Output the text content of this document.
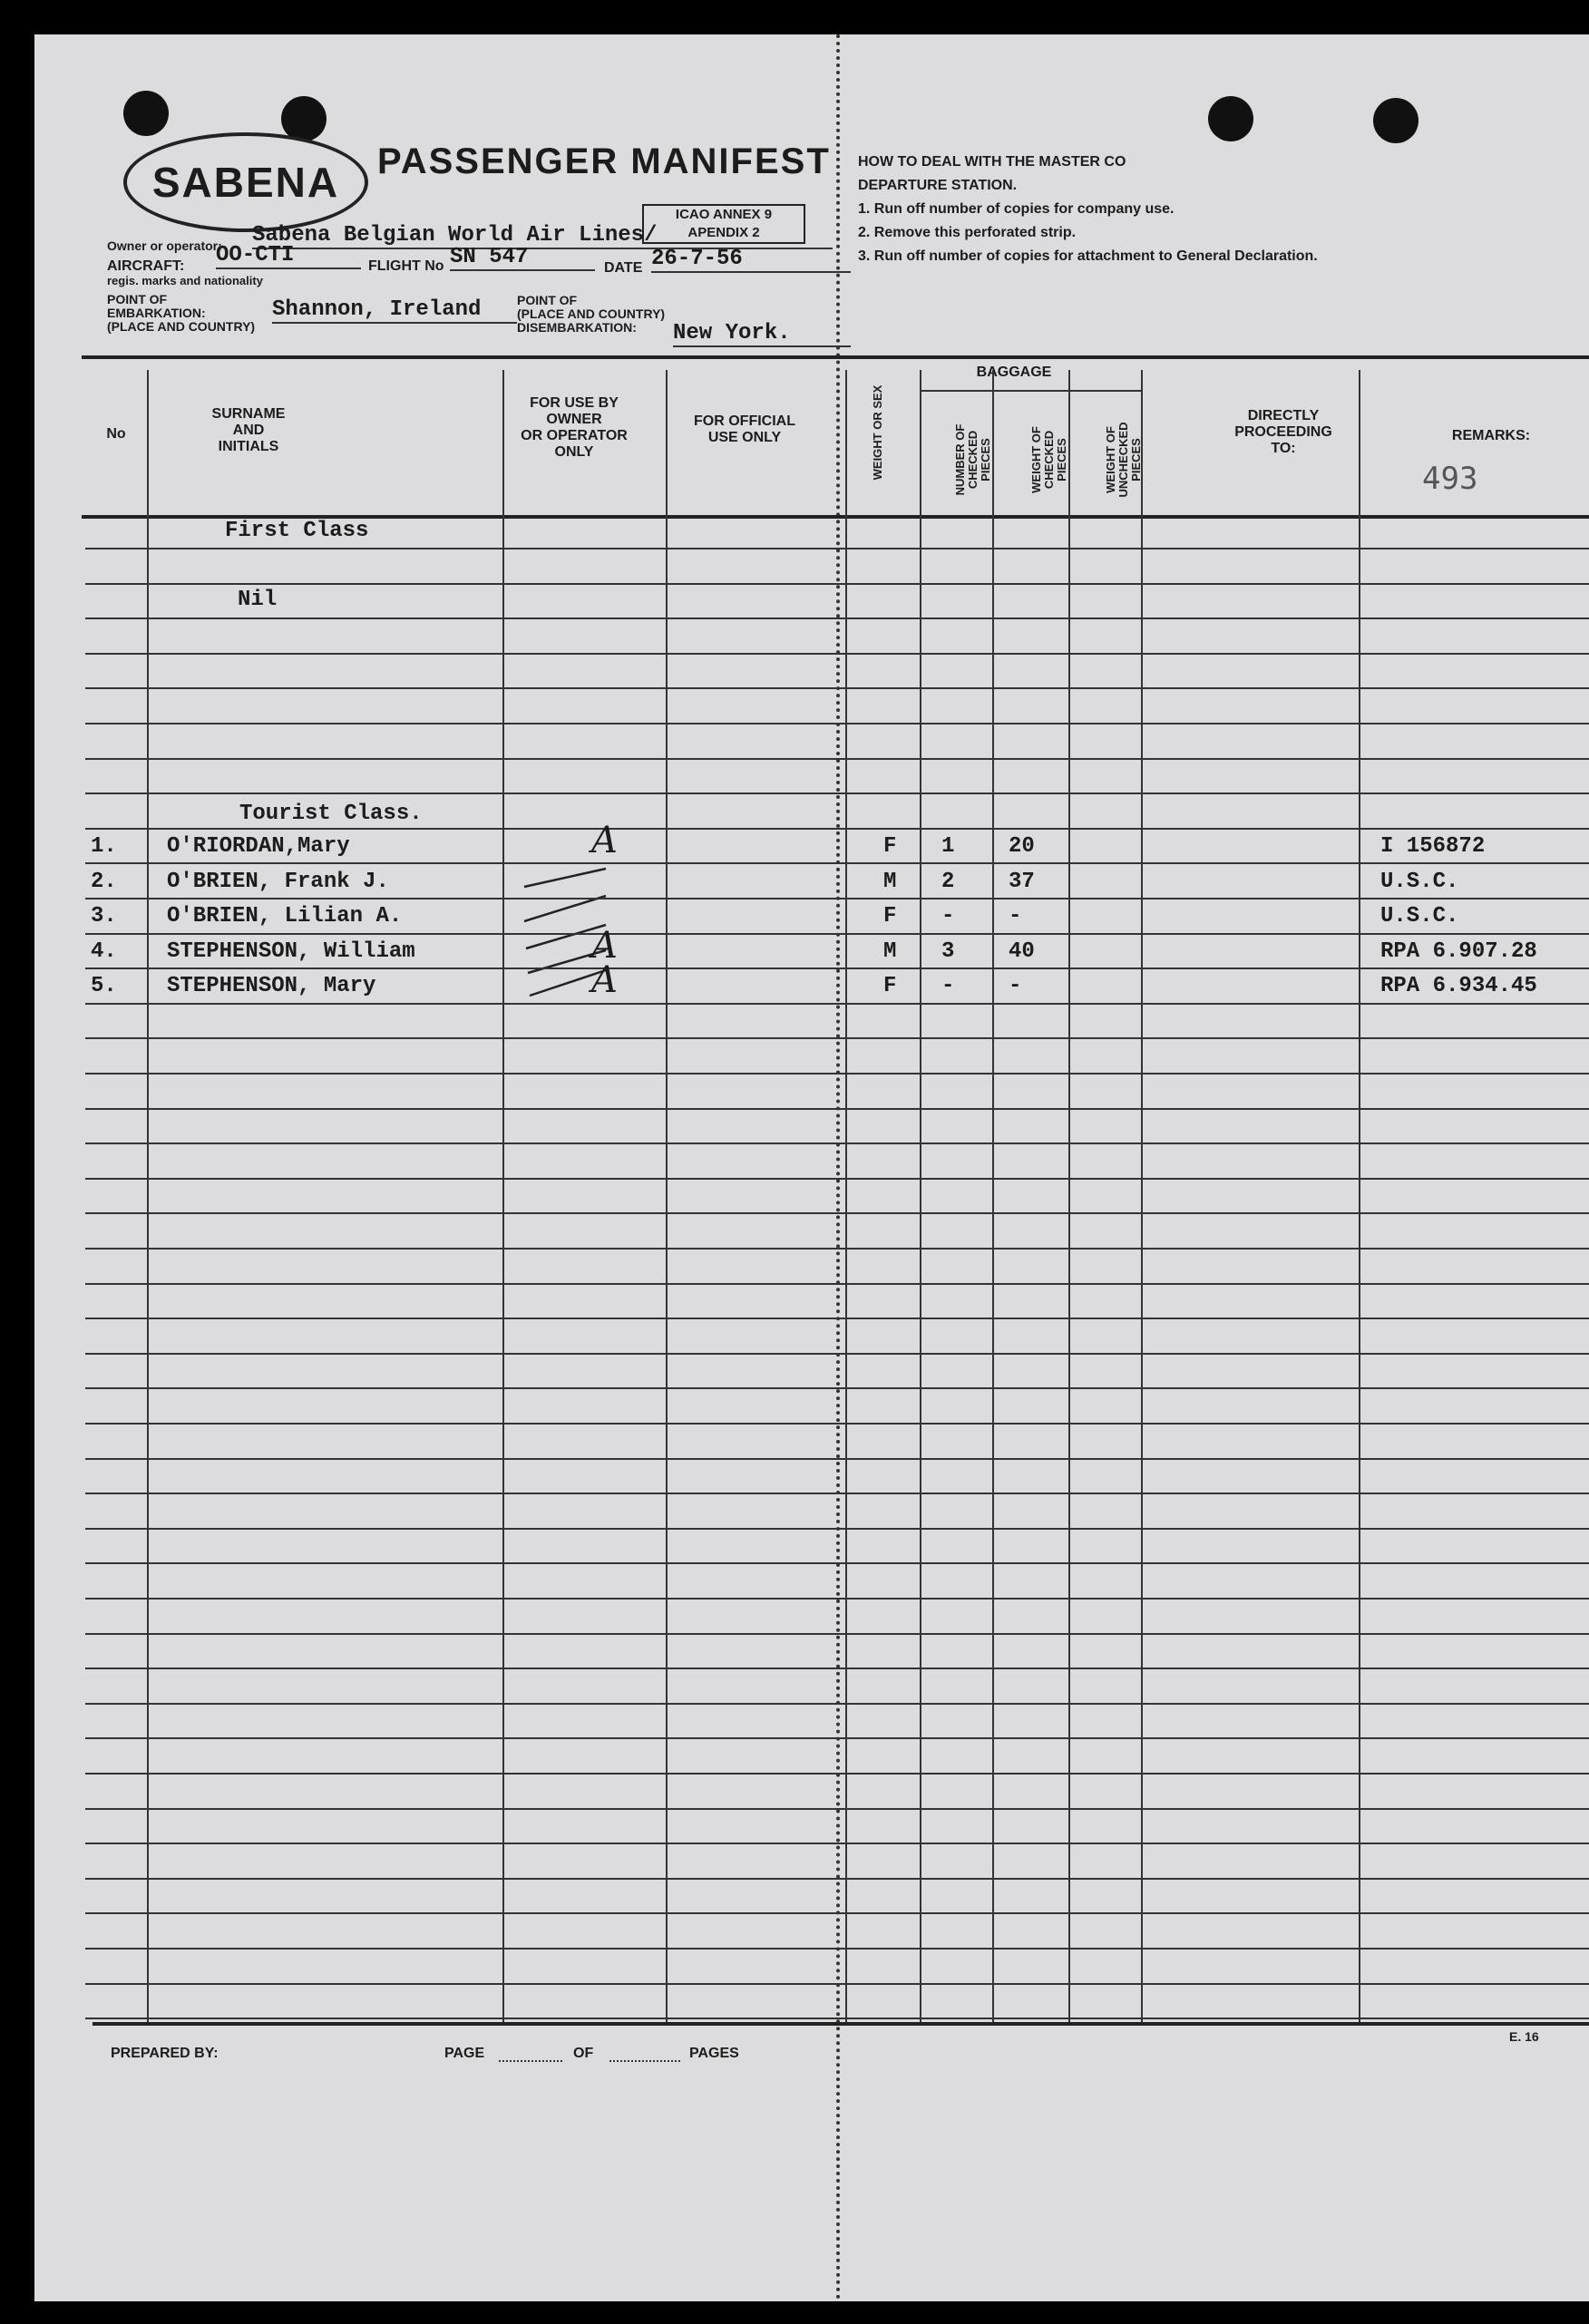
SABENA PASSENGER MANIFEST
ICAO ANNEX 9
APENDIX 2
Owner or operator: Sabena Belgian World Air Lines/
AIRCRAFT:
regis. marks and nationality
OO-CTI	FLIGHT No SN 547	DATE 26-7-56
POINT OF
EMBARKATION:
(PLACE AND COUNTRY)
Shannon, Ireland	POINT OF
(PLACE AND COUNTRY)
DISEMBARKATION:	New York.
HOW TO DEAL WITH THE MASTER CO
DEPARTURE STATION.
1. Run off number of copies for company use.
2. Remove this perforated strip.
3. Run off number of copies for attachment to General Declaration.
No
SURNAME
AND
INITIALS
FOR USE BY
OWNER
OR OPERATOR
ONLY
FOR OFFICIAL
USE ONLY	WEIGHT OR SEX
BAGGAGE
NUMBER OF CHECKED PIECES	WEIGHT OF CHECKED PIECES	WEIGHT OF UNCHECKED PIECES
DIRECTLY
PROCEEDING
TO:
REMARKS:
493
First Class
Nil
Tourist Class.
PREPARED BY:	PAGE	OF	PAGES
E. 16
1. O'RIORDAN,Mary	A	F 1 20	I 156872
2. O'BRIEN, Frank J.	M 2 37	U.S.C.
3. O'BRIEN, Lilian A.	F - -	U.S.C.
4. STEPHENSON, William	A	M 3 40	RPA 6.907.28
5. STEPHENSON, Mary	A	F - -	RPA 6.934.45
